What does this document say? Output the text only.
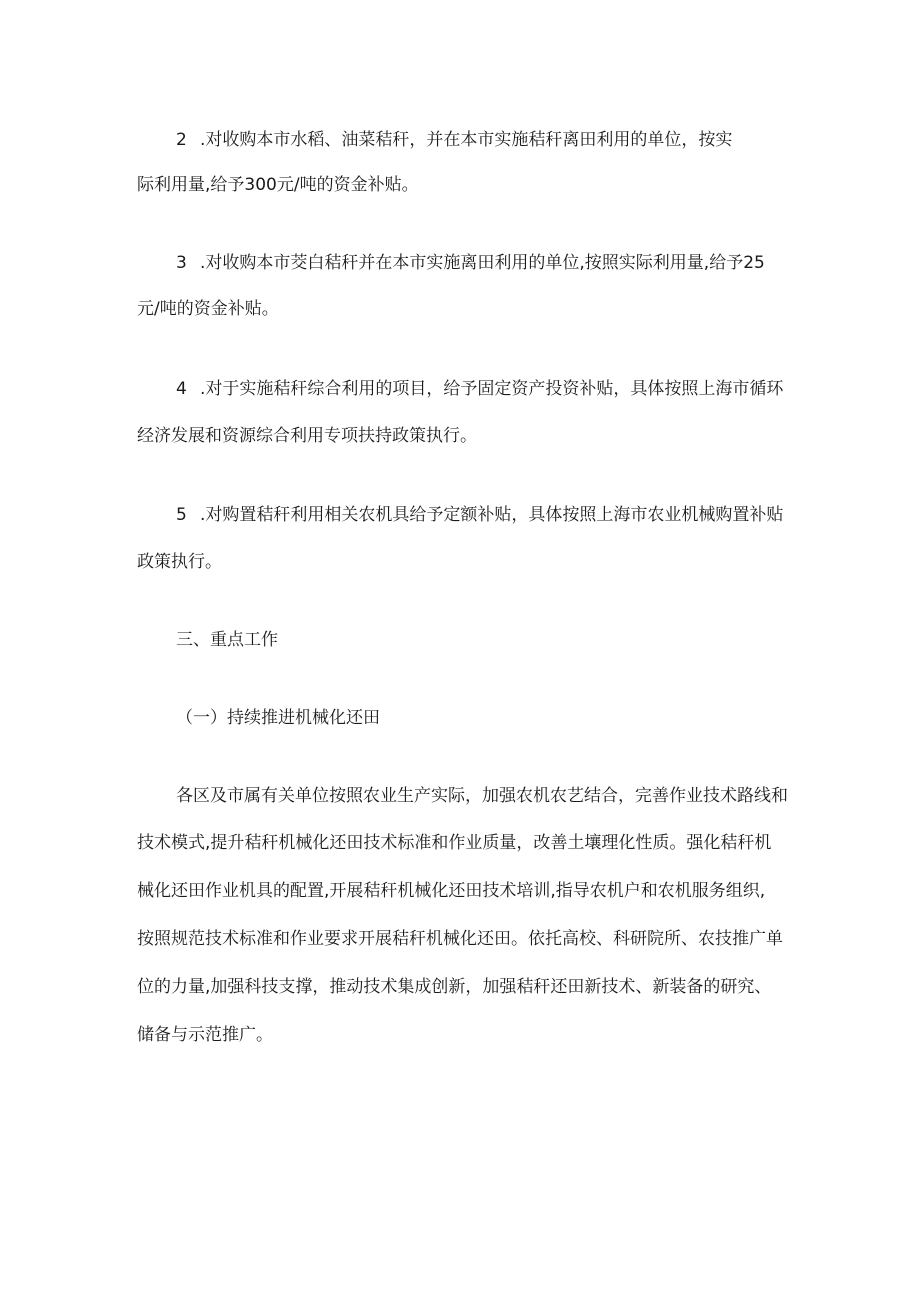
2 .对收购本市水稻、油菜秸秆，并在本市实施秸秆离田利用的单位，按实
际利用量,给予300元/吨的资金补贴。
3 .对收购本市茭白秸秆并在本市实施离田利用的单位,按照实际利用量,给予25
元/吨的资金补贴。
4 .对于实施秸秆综合利用的项目，给予固定资产投资补贴，具体按照上海市循环
经济发展和资源综合利用专项扶持政策执行。
5 .对购置秸秆利用相关农机具给予定额补贴，具体按照上海市农业机械购置补贴
政策执行。
三、重点工作
（一）持续推进机械化还田
各区及市属有关单位按照农业生产实际，加强农机农艺结合，完善作业技术路线和
技术模式,提升秸秆机械化还田技术标准和作业质量，改善土壤理化性质。强化秸秆机
械化还田作业机具的配置,开展秸秆机械化还田技术培训,指导农机户和农机服务组织,
按照规范技术标准和作业要求开展秸秆机械化还田。依托高校、科研院所、农技推广单
位的力量,加强科技支撑，推动技术集成创新，加强秸秆还田新技术、新装备的研究、
储备与示范推广。
